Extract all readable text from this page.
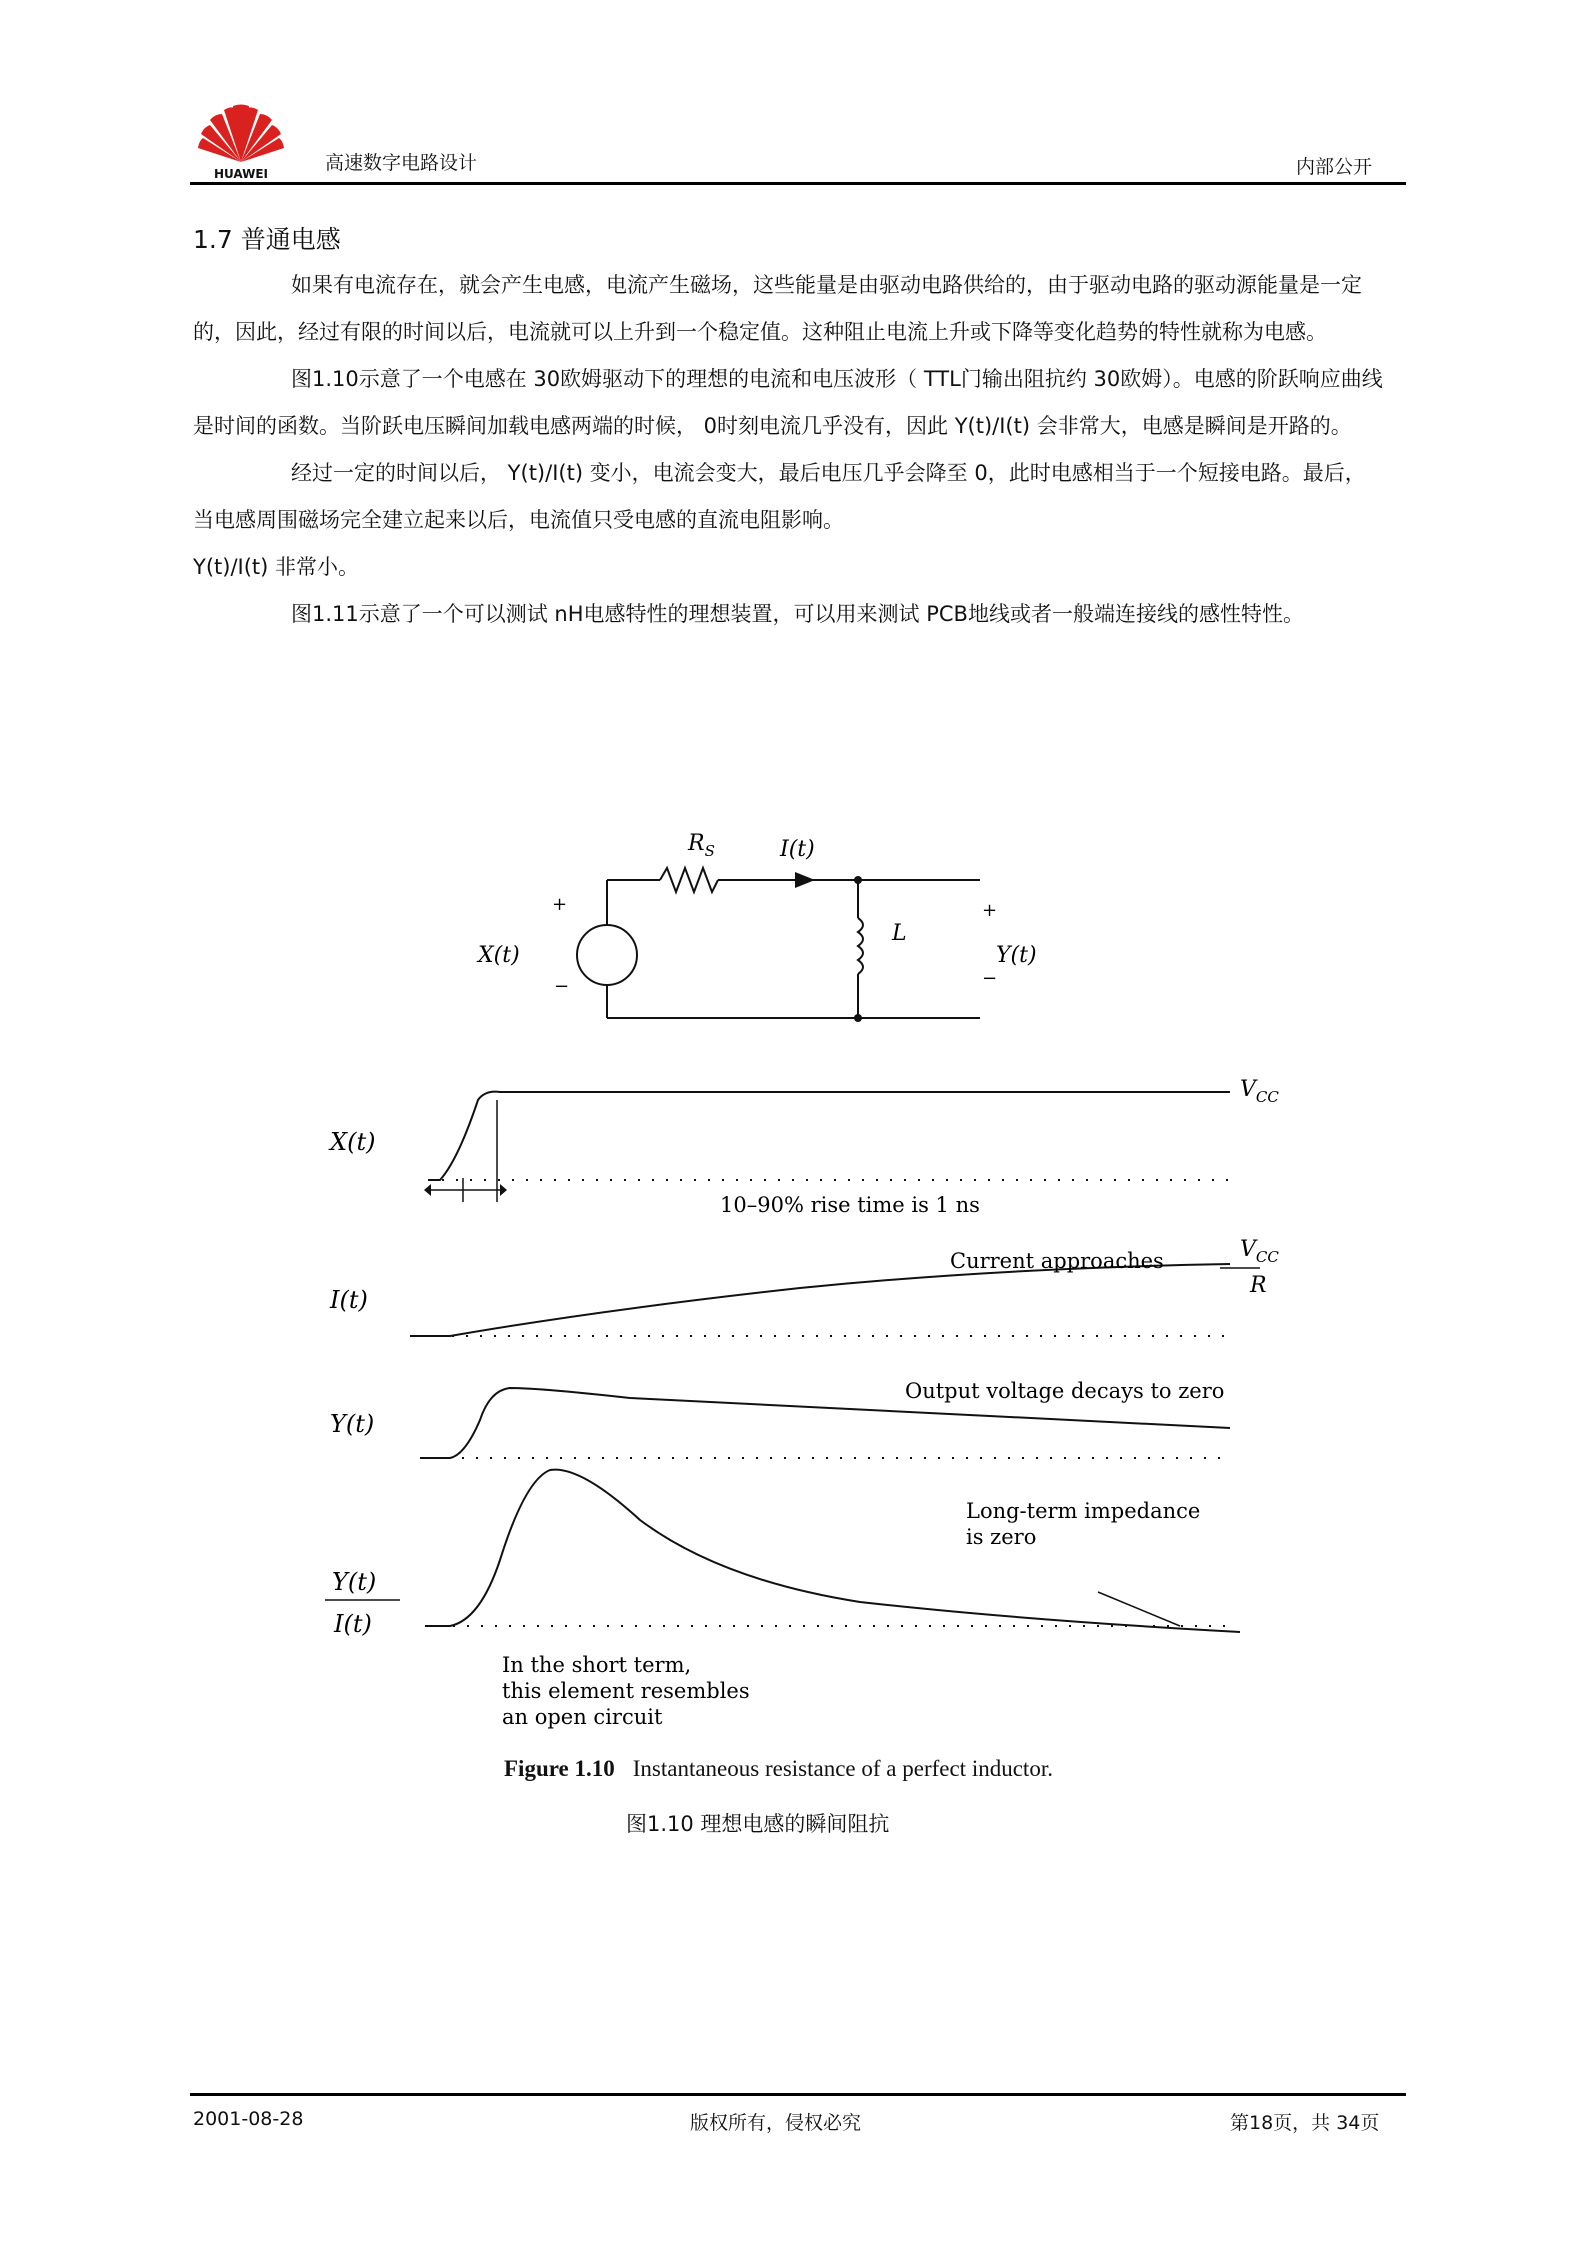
HUAWEI	高速数字电路设计	内部公开
1.7 普通电感

如果有电流存在，就会产生电感，电流产生磁场，这些能量是由驱动电路供给的，由于驱动电路的驱动源能量是一定的，因此，经过有限的时间以后，电流就可以上升到一个稳定值。这种阻止电流上升或下降等变化趋势的特性就称为电感。

图1.10示意了一个电感在 30欧姆驱动下的理想的电流和电压波形（ TTL门输出阻抗约 30欧姆）。电感的阶跃响应曲线是时间的函数。当阶跃电压瞬间加载电感两端的时候， 0时刻电流几乎没有，因此 Y(t)/I(t) 会非常大，电感是瞬间是开路的。

经过一定的时间以后， Y(t)/I(t) 变小，电流会变大，最后电压几乎会降至 0，此时电感相当于一个短接电路。最后，当电感周围磁场完全建立起来以后，电流值只受电感的直流电阻影响。

Y(t)/I(t) 非常小。

图1.11示意了一个可以测试 nH电感特性的理想装置，可以用来测试 PCB地线或者一般端连接线的感性特性。

$R_S$	I(t)
L
X(t)
+
−
+
−
Y(t)
X(t)
$V_{CC}$
10–90% rise time is 1 ns
I(t)
Current approaches	$V_{CC}$
R
Y(t)
Output voltage decays to zero
Y(t)
I(t)
Long-term impedance
is zero
In the short term,
this element resembles
an open circuit
Figure 1.10 Instantaneous resistance of a perfect inductor.
图1.10 理想电感的瞬间阻抗
2001-08-28	版权所有，侵权必究	第18页，共 34页
